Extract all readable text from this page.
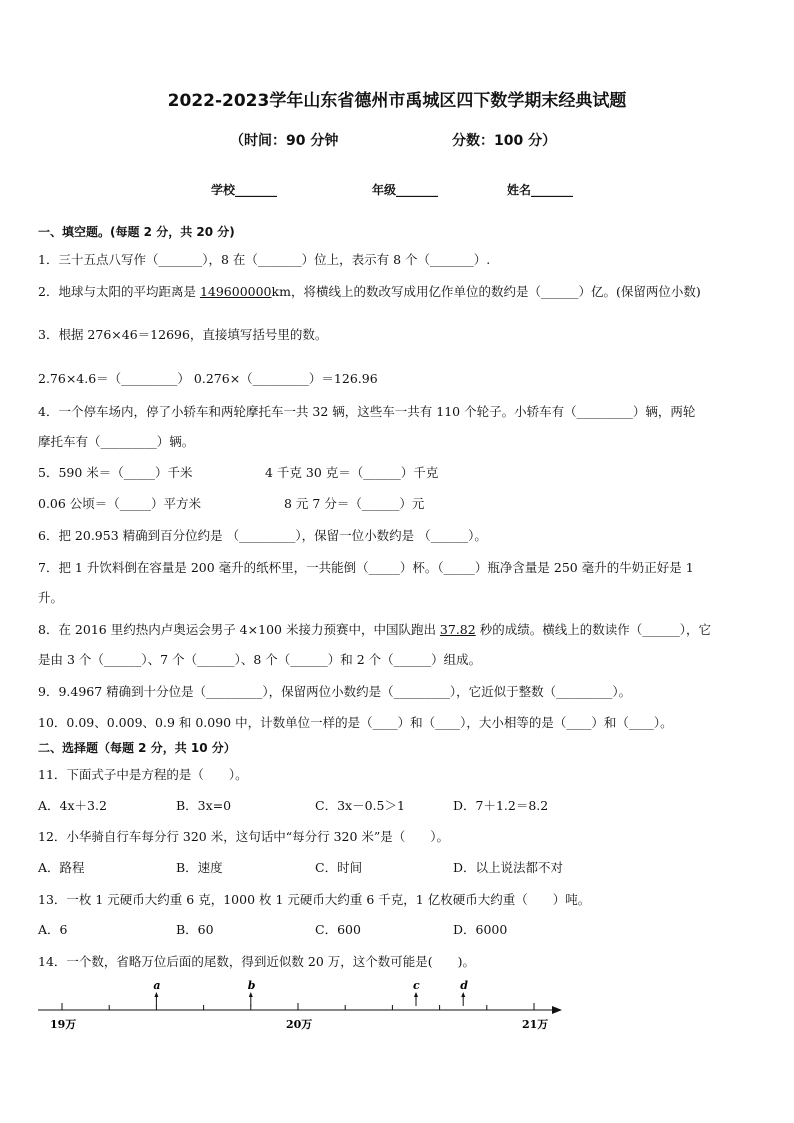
2022-2023学年山东省德州市禹城区四下数学期末经典试题
（时间：90 分钟	分数：100 分）
学校_______	年级_______	姓名_______
一、填空题。(每题 2 分，共 20 分)
1．三十五点八写作（_______），8 在（_______）位上，表示有 8 个（_______）.
2．地球与太阳的平均距离是 149600000km，将横线上的数改写成用亿作单位的数约是（______）亿。(保留两位小数)
3．根据 276×46＝12696，直接填写括号里的数。
2.76×4.6＝（_________） 0.276×（_________）＝126.96
4．一个停车场内，停了小轿车和两轮摩托车一共 32 辆，这些车一共有 110 个轮子。小轿车有（_________）辆，两轮
摩托车有（_________）辆。
5．590 米＝（_____）千米	4 千克 30 克＝（______）千克
0.06 公顷＝（_____）平方米	8 元 7 分＝（______）元
6．把 20.953 精确到百分位约是 （_________），保留一位小数约是 （______）。
7．把 1 升饮料倒在容量是 200 毫升的纸杯里，一共能倒（_____）杯。（_____）瓶净含量是 250 毫升的牛奶正好是 1
升。
8．在 2016 里约热内卢奥运会男子 4×100 米接力预赛中，中国队跑出 37.82 秒的成绩。横线上的数读作（______），它
是由 3 个（______）、7 个（______）、8 个（______）和 2 个（______）组成。
9．9.4967 精确到十分位是（_________），保留两位小数约是（_________），它近似于整数（_________）。
10．0.09、0.009、0.9 和 0.090 中，计数单位一样的是（____）和（____），大小相等的是（____）和（____）。
二、选择题（每题 2 分，共 10 分）
11．下面式子中是方程的是（　　）。
A．4x＋3.2	B．3x=0	C．3x－0.5＞1	D．7＋1.2＝8.2
12．小华骑自行车每分行 320 米，这句话中“每分行 320 米”是（　　）。
A．路程	B．速度	C．时间	D．以上说法都不对
13．一枚 1 元硬币大约重 6 克，1000 枚 1 元硬币大约重 6 千克，1 亿枚硬币大约重（　　）吨。
A．6	B．60	C．600	D．6000
14．一个数，省略万位后面的尾数，得到近似数 20 万，这个数可能是(　　)。
19万	20万	21万
a	b	c	d
